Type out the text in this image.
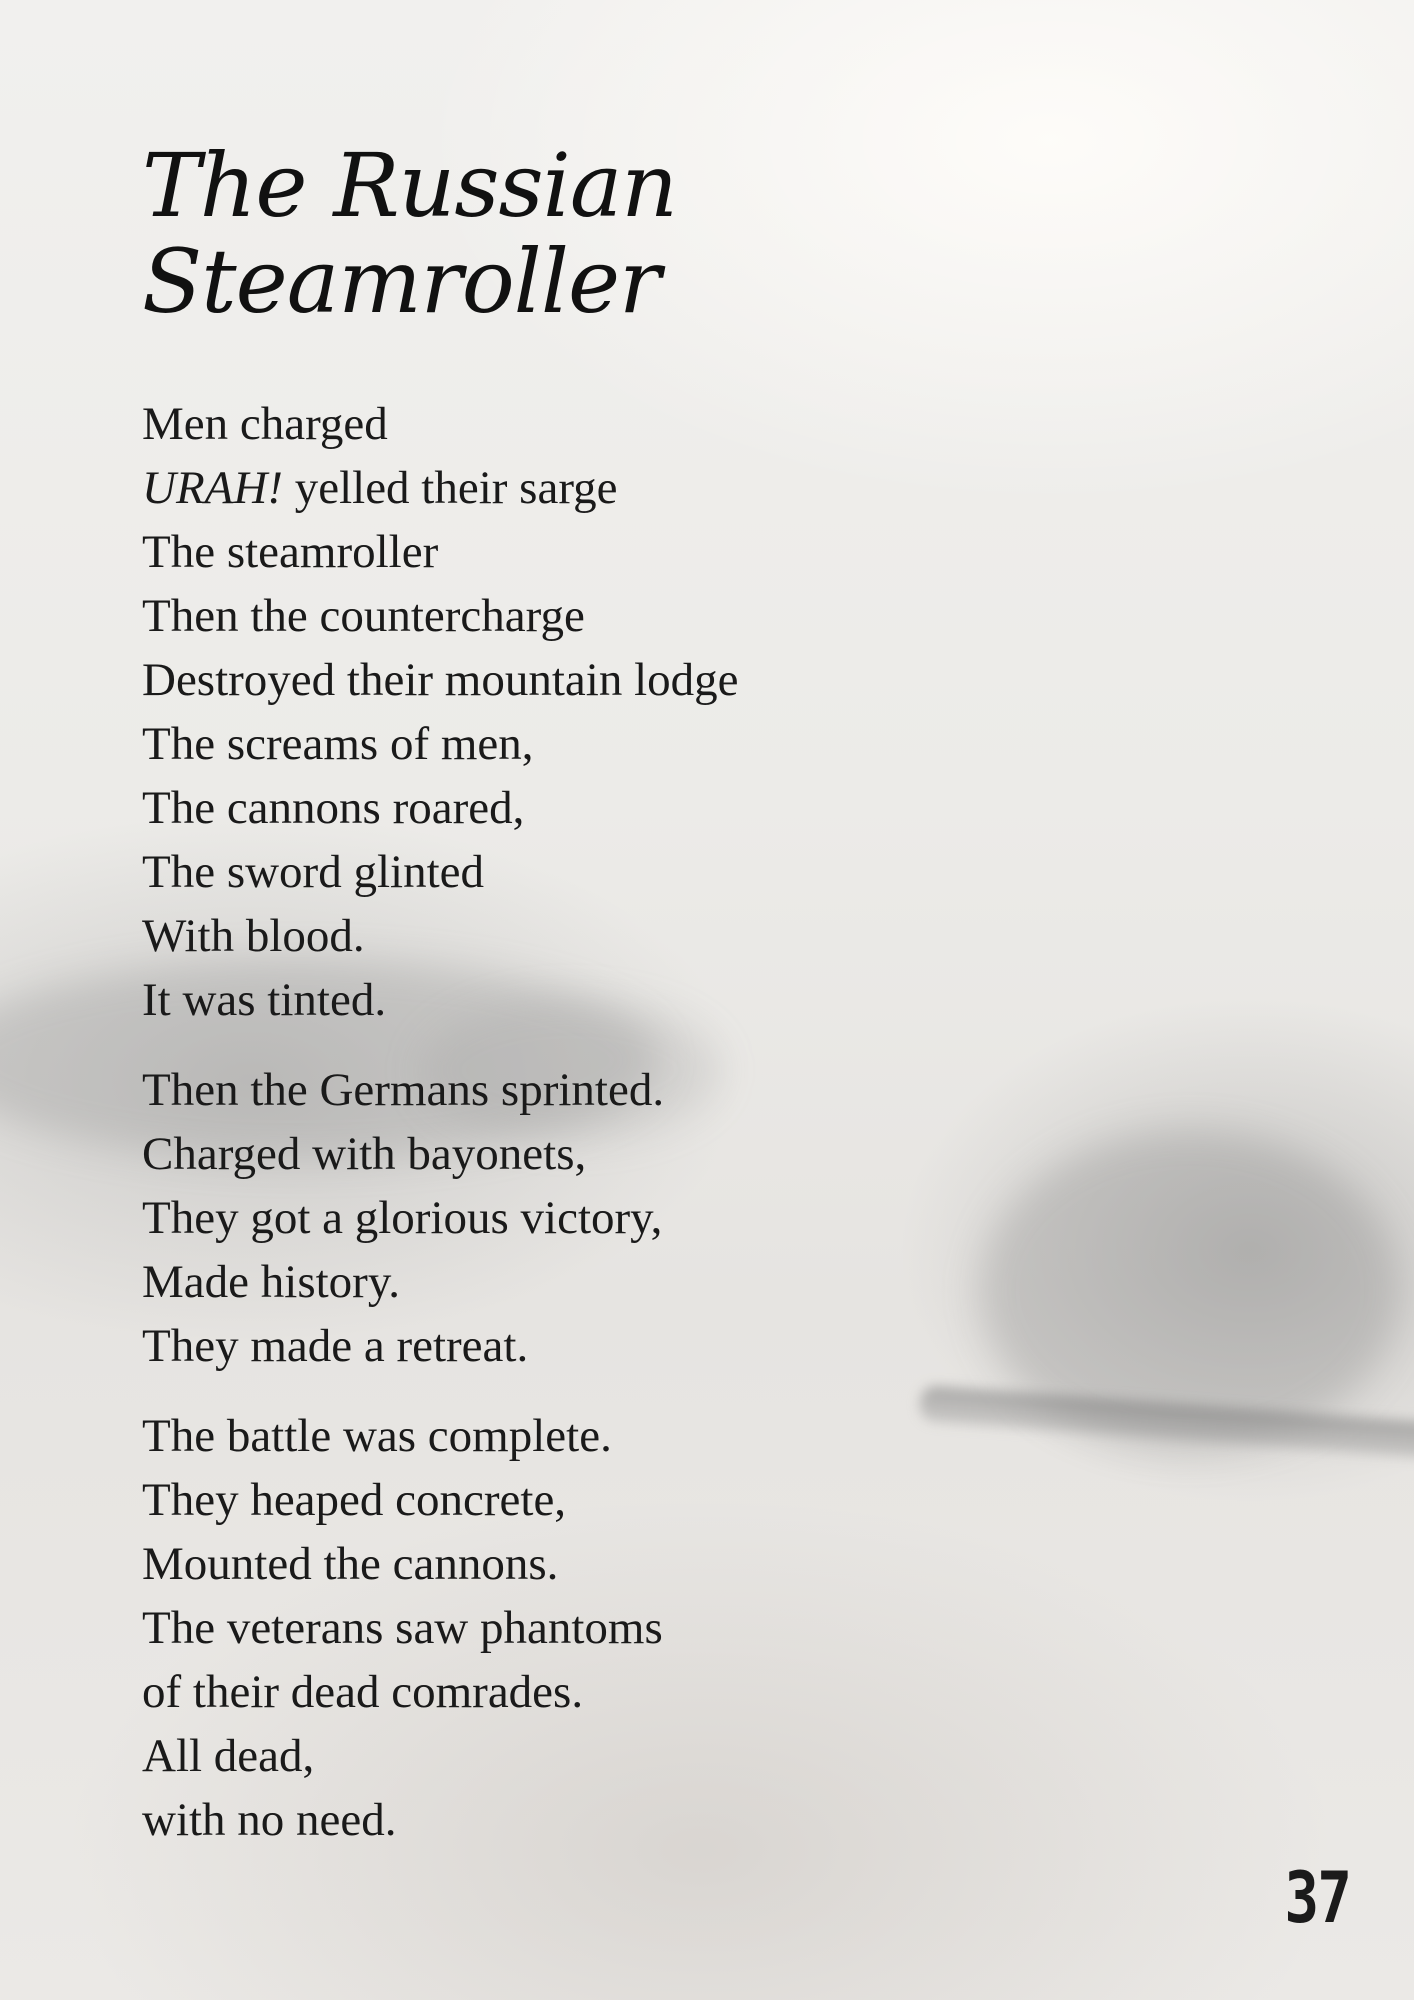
The Russian
Steamroller
Men charged
URAH! yelled their sarge
The steamroller
Then the countercharge
Destroyed their mountain lodge
The screams of men,
The cannons roared,
The sword glinted
With blood.
It was tinted.
Then the Germans sprinted.
Charged with bayonets,
They got a glorious victory,
Made history.
They made a retreat.
The battle was complete.
They heaped concrete,
Mounted the cannons.
The veterans saw phantoms
of their dead comrades.
All dead,
with no need.
37
